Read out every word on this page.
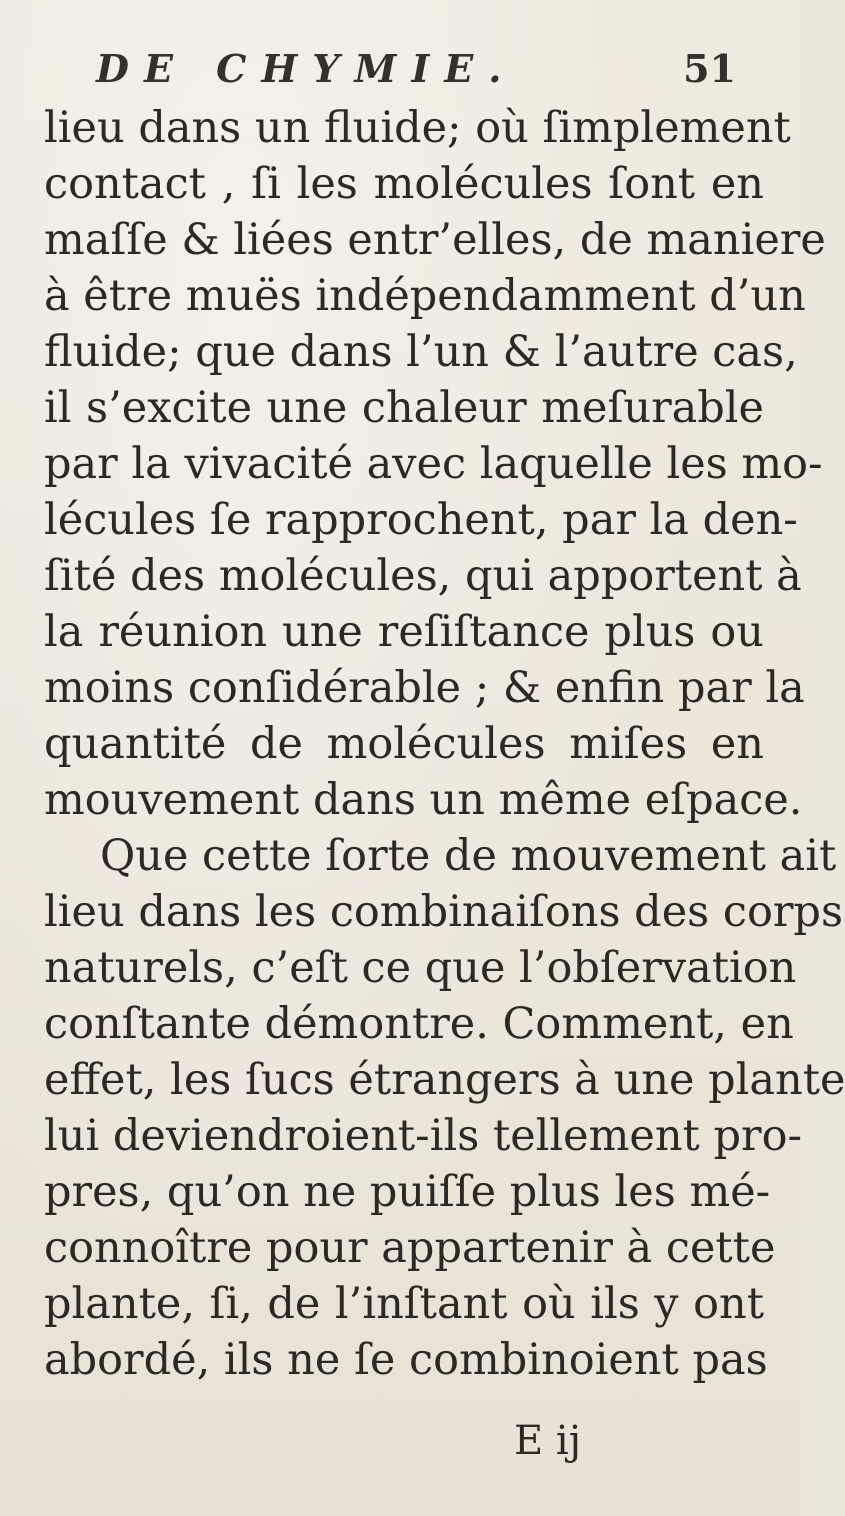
DE CHYMIE.	51
lieu dans un fluide; où ſimplement
contact , ſi les molécules ſont en
maſſe & liées entr’elles, de maniere
à être muës indépendamment d’un
fluide; que dans l’un & l’autre cas,
il s’excite une chaleur meſurable
par la vivacité avec laquelle les mo-
lécules ſe rapprochent, par la den-
ſité des molécules, qui apportent à
la réunion une reſiſtance plus ou
moins conſidérable ; & enfin par la
quantité de molécules miſes en
mouvement dans un même eſpace.
Que cette ſorte de mouvement ait
lieu dans les combinaiſons des corps
naturels, c’eſt ce que l’obſervation
conſtante démontre. Comment, en
effet, les ſucs étrangers à une plante
lui deviendroient-ils tellement pro-
pres, qu’on ne puiſſe plus les mé-
connoître pour appartenir à cette
plante, ſi, de l’inſtant où ils y ont
abordé, ils ne ſe combinoient pas
E ij
